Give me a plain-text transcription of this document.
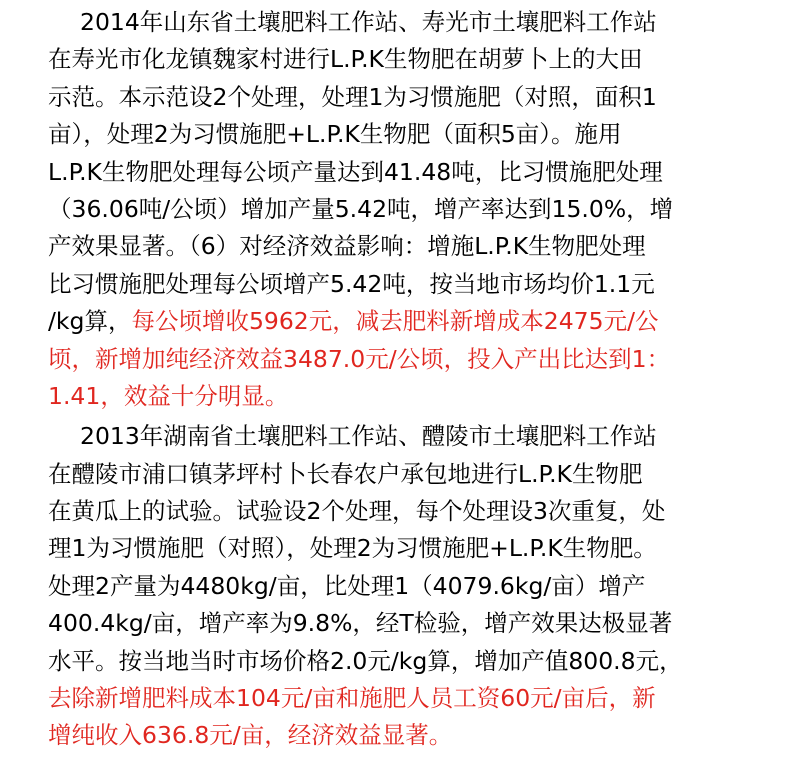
2014年山东省土壤肥料工作站、寿光市土壤肥料工作站
在寿光市化龙镇魏家村进行L.P.K生物肥在胡萝卜上的大田
示范。本示范设2个处理，处理1为习惯施肥（对照，面积1
亩），处理2为习惯施肥+L.P.K生物肥（面积5亩）。施用
L.P.K生物肥处理每公顷产量达到41.48吨，比习惯施肥处理
（36.06吨/公顷）增加产量5.42吨，增产率达到15.0%，增
产效果显著。（6）对经济效益影响：增施L.P.K生物肥处理
比习惯施肥处理每公顷增产5.42吨，按当地市场均价1.1元
/kg算，每公顷增收5962元，减去肥料新增成本2475元/公
顷，新增加纯经济效益3487.0元/公顷，投入产出比达到1：
1.41，效益十分明显。
2013年湖南省土壤肥料工作站、醴陵市土壤肥料工作站
在醴陵市浦口镇茅坪村卜长春农户承包地进行L.P.K生物肥
在黄瓜上的试验。试验设2个处理，每个处理设3次重复，处
理1为习惯施肥（对照），处理2为习惯施肥+L.P.K生物肥。
处理2产量为4480kg/亩，比处理1（4079.6kg/亩）增产
400.4kg/亩，增产率为9.8%，经T检验，增产效果达极显著
水平。按当地当时市场价格2.0元/kg算，增加产值800.8元，
去除新增肥料成本104元/亩和施肥人员工资60元/亩后，新
增纯收入636.8元/亩，经济效益显著。
